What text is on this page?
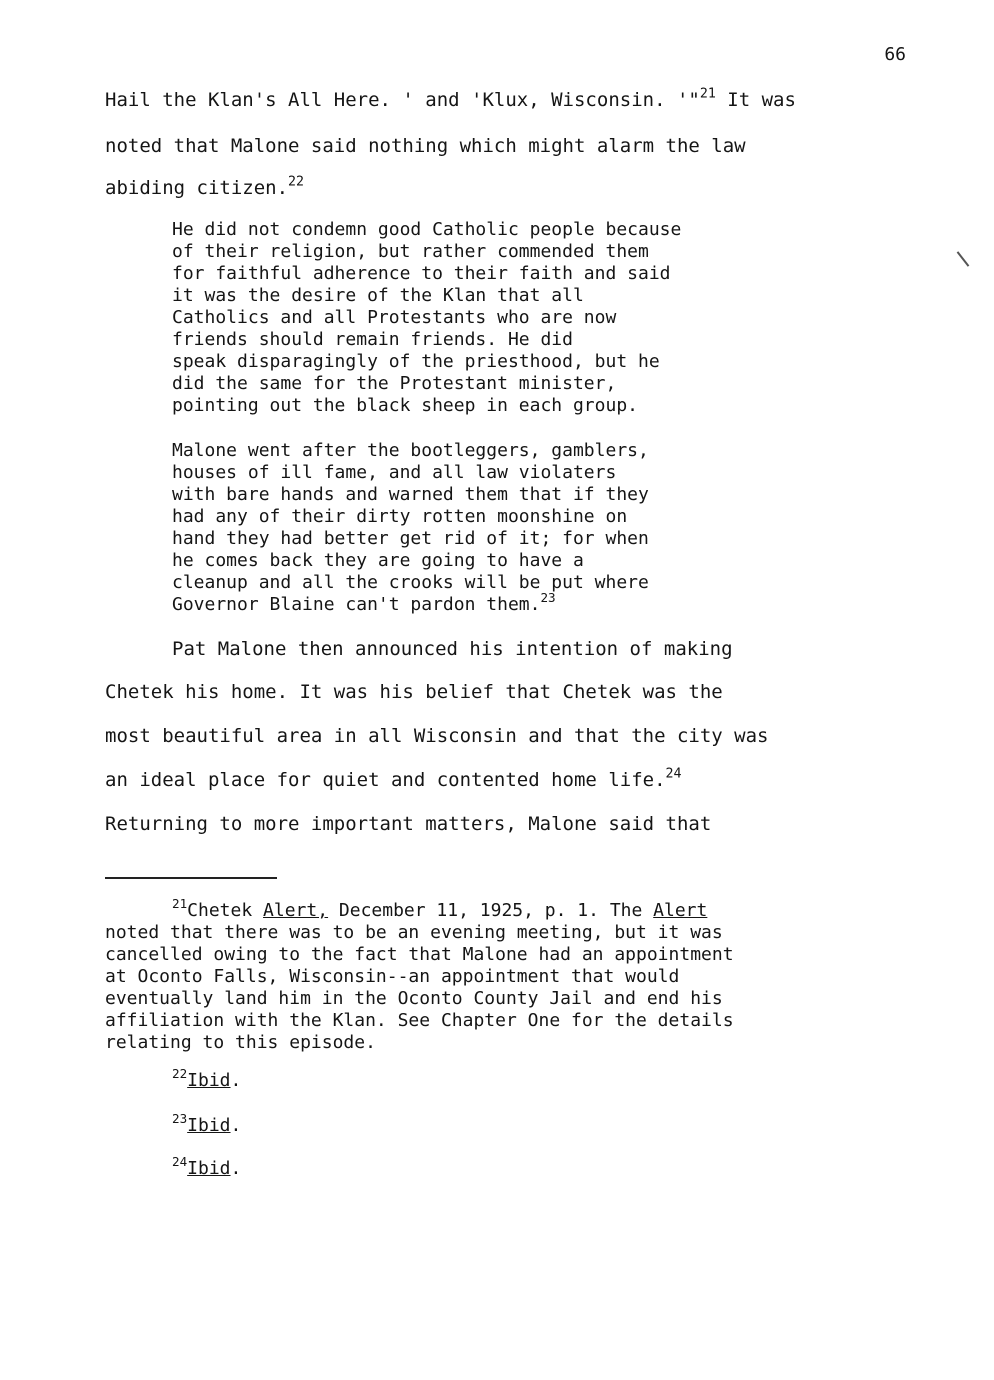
66
Hail the Klan's All Here. ' and 'Klux, Wisconsin. '"$^{21}$ It was
noted that Malone said nothing which might alarm the law
abiding citizen.$^{22}$
He did not condemn good Catholic people because
of their religion, but rather commended them
for faithful adherence to their faith and said
it was the desire of the Klan that all
Catholics and all Protestants who are now
friends should remain friends. He did
speak disparagingly of the priesthood, but he
did the same for the Protestant minister,
pointing out the black sheep in each group.
Malone went after the bootleggers, gamblers,
houses of ill fame, and all law violaters
with bare hands and warned them that if they
had any of their dirty rotten moonshine on
hand they had better get rid of it; for when
he comes back they are going to have a
cleanup and all the crooks will be put where
Governor Blaine can't pardon them.$^{23}$
Pat Malone then announced his intention of making
Chetek his home. It was his belief that Chetek was the
most beautiful area in all Wisconsin and that the city was
an ideal place for quiet and contented home life.$^{24}$
Returning to more important matters, Malone said that
$^{21}$Chetek Alert, December 11, 1925, p. 1. The Alert
noted that there was to be an evening meeting, but it was
cancelled owing to the fact that Malone had an appointment
at Oconto Falls, Wisconsin--an appointment that would
eventually land him in the Oconto County Jail and end his
affiliation with the Klan. See Chapter One for the details
relating to this episode.
$^{22}$Ibid.
$^{23}$Ibid.
$^{24}$Ibid.
